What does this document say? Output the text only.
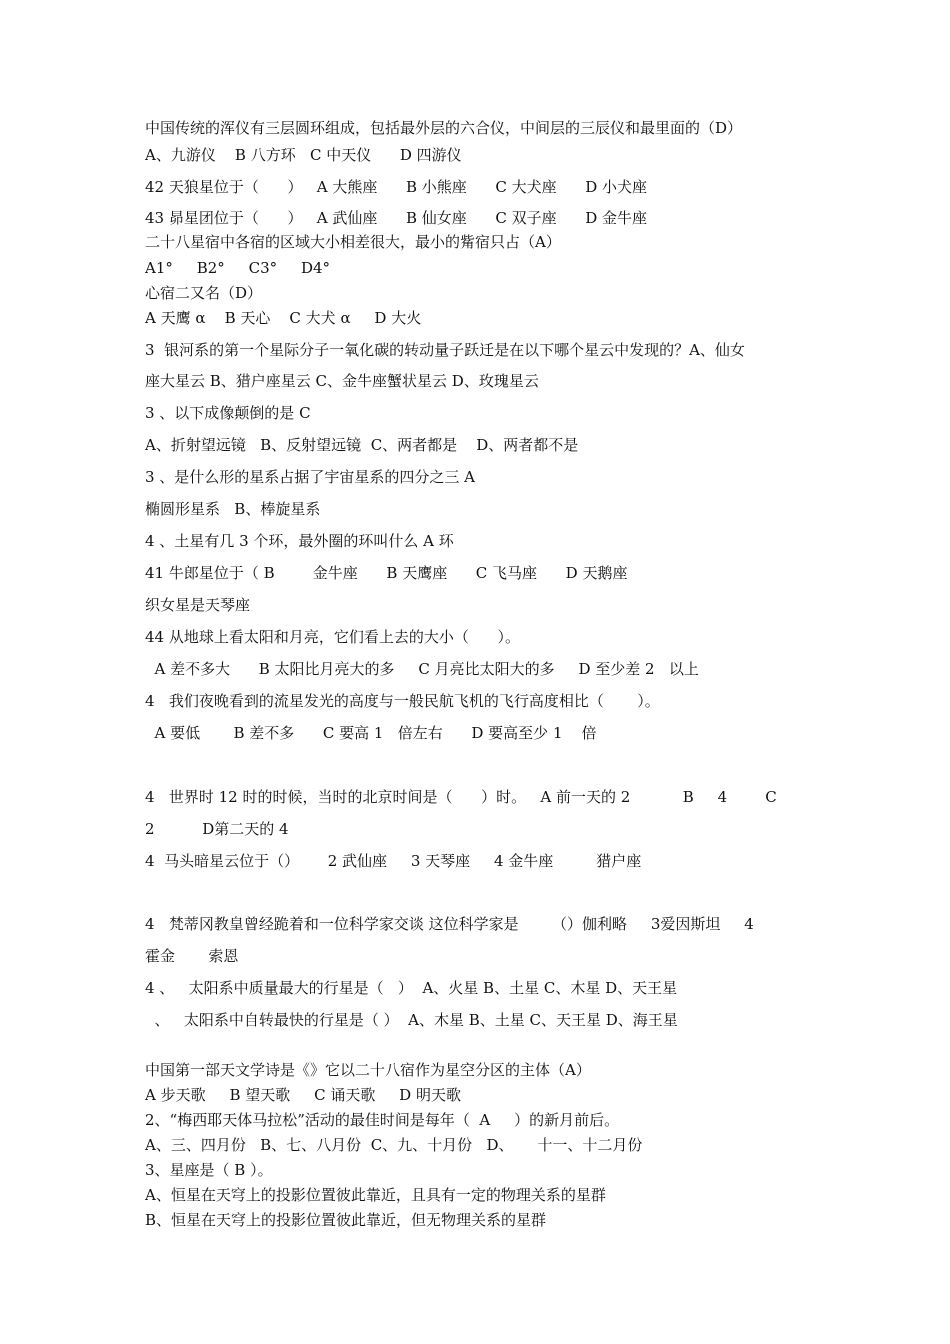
中国传统的浑仪有三层圆环组成，包括最外层的六合仪，中间层的三辰仪和最里面的（D）
A、九游仪    B 八方环   C 中天仪      D 四游仪
42 天狼星位于（      ）   A 大熊座      B 小熊座      C 大犬座      D 小犬座
43 昴星团位于（      ）   A 武仙座      B 仙女座      C 双子座      D 金牛座
二十八星宿中各宿的区域大小相差很大，最小的觜宿只占（A）
A1°     B2°     C3°     D4°
心宿二又名（D）
A 天鹰 α    B 天心    C 大犬 α     D 大火
3  银河系的第一个星际分子一氧化碳的转动量子跃迁是在以下哪个星云中发现的？A、仙女
座大星云 B、猎户座星云 C、金牛座蟹状星云 D、玫瑰星云
3 、以下成像颠倒的是 C
A、折射望远镜   B、反射望远镜  C、两者都是    D、两者都不是
3 、是什么形的星系占据了宇宙星系的四分之三 A
椭圆形星系   B、棒旋星系
4 、土星有几 3 个环，最外圈的环叫什么 A 环
41 牛郎星位于（ B        金牛座      B 天鹰座      C 飞马座      D 天鹅座
织女星是天琴座
44 从地球上看太阳和月亮，它们看上去的大小（      ）。
A 差不多大      B 太阳比月亮大的多     C 月亮比太阳大的多     D 至少差 2   以上
4   我们夜晚看到的流星发光的高度与一般民航飞机的飞行高度相比（       ）。
A 要低       B 差不多      C 要高 1   倍左右      D 要高至少 1    倍
4   世界时 12 时的时候，当时的北京时间是（      ）时。   A 前一天的 2           B     4        C
2          D第二天的 4
4  马头暗星云位于（）      2 武仙座     3 天琴座     4 金牛座         猎户座
4   梵蒂冈教皇曾经跪着和一位科学家交谈 这位科学家是       （）伽利略     3爱因斯坦     4
霍金       索恩
4 、   太阳系中质量最大的行星是（   ）  A、火星 B、土星 C、木星 D、天王星
、   太阳系中自转最快的行星是（ ）  A、木星 B、土星 C、天王星 D、海王星
中国第一部天文学诗是《》它以二十八宿作为星空分区的主体（A）
A 步天歌     B 望天歌     C 诵天歌     D 明天歌
2、“梅西耶天体马拉松”活动的最佳时间是每年（  A     ）的新月前后。
A、三、四月份   B、七、八月份  C、九、十月份   D、     十一、十二月份
3、星座是（ B ）。
A、恒星在天穹上的投影位置彼此靠近，且具有一定的物理关系的星群
B、恒星在天穹上的投影位置彼此靠近，但无物理关系的星群
